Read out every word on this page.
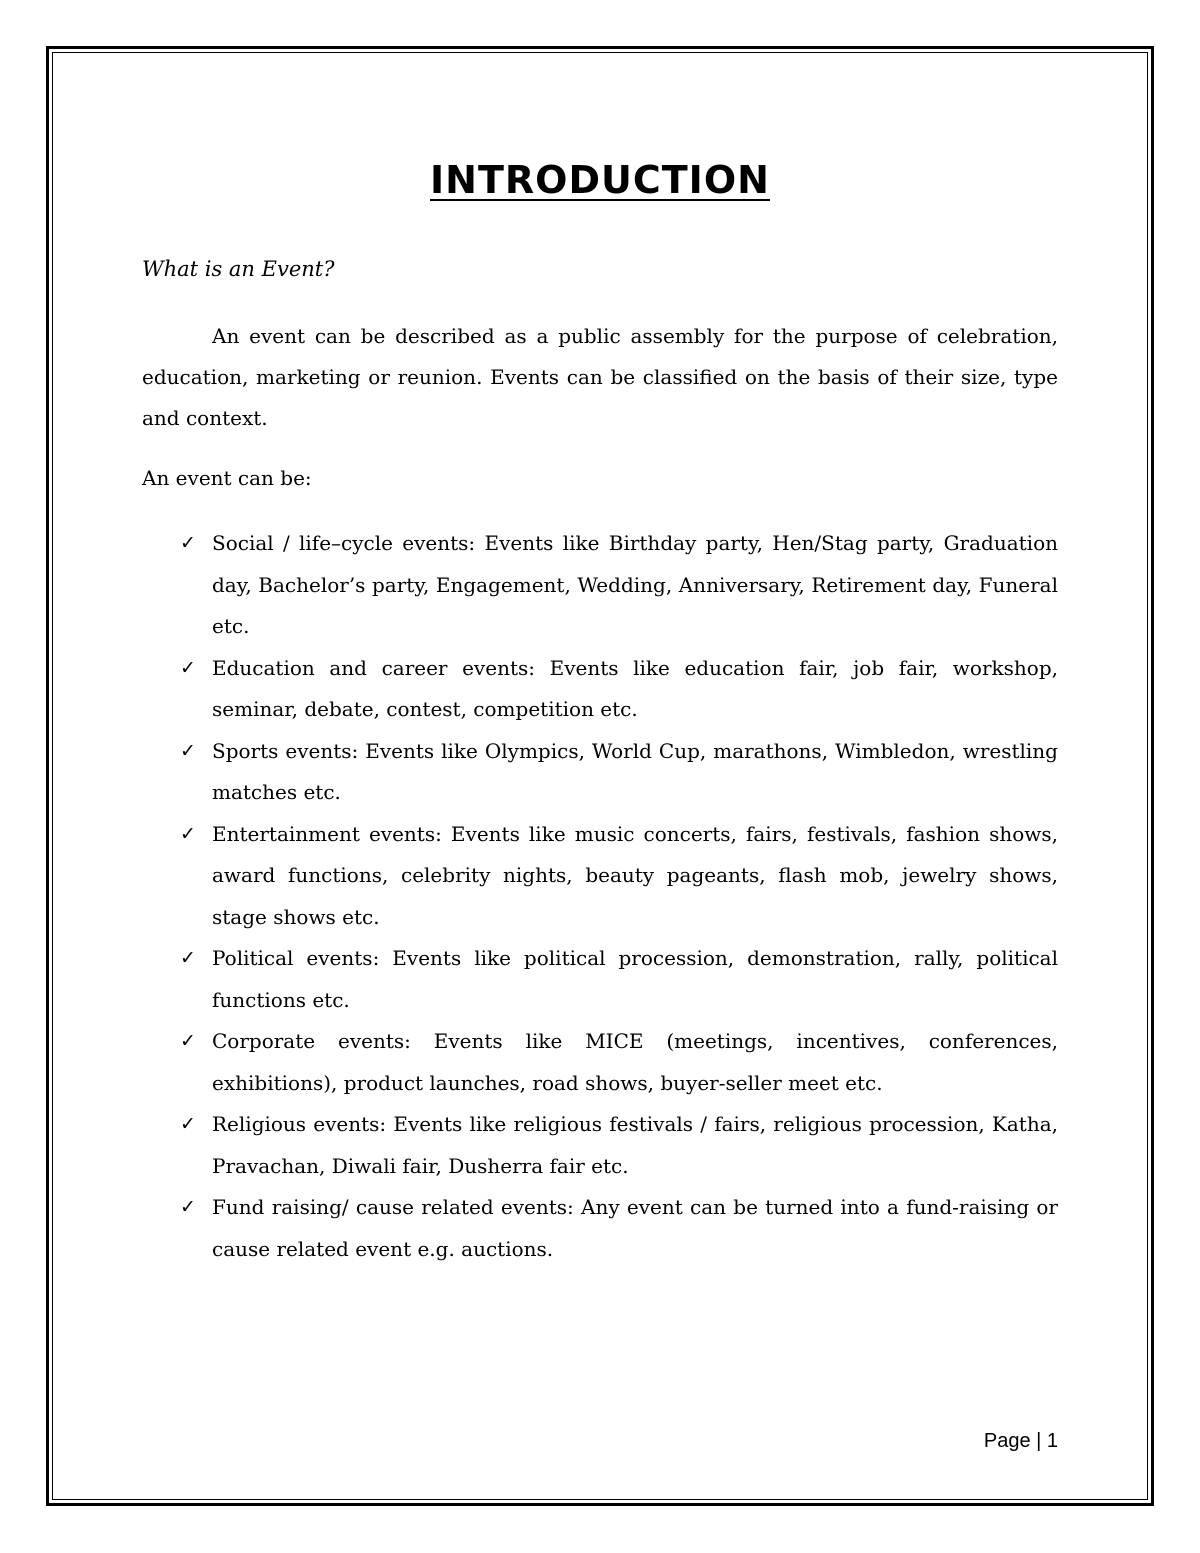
INTRODUCTION

What is an Event?

An event can be described as a public assembly for the purpose of celebration, education, marketing or reunion. Events can be classified on the basis of their size, type and context.

An event can be:

✓ Social / life–cycle events: Events like Birthday party, Hen/Stag party, Graduation day, Bachelor’s party, Engagement, Wedding, Anniversary, Retirement day, Funeral etc.
✓ Education and career events: Events like education fair, job fair, workshop, seminar, debate, contest, competition etc.
✓ Sports events: Events like Olympics, World Cup, marathons, Wimbledon, wrestling matches etc.
✓ Entertainment events: Events like music concerts, fairs, festivals, fashion shows, award functions, celebrity nights, beauty pageants, flash mob, jewelry shows, stage shows etc.
✓ Political events: Events like political procession, demonstration, rally, political functions etc.
✓ Corporate events: Events like MICE (meetings, incentives, conferences, exhibitions), product launches, road shows, buyer-seller meet etc.
✓ Religious events: Events like religious festivals / fairs, religious procession, Katha, Pravachan, Diwali fair, Dusherra fair etc.
✓ Fund raising/ cause related events: Any event can be turned into a fund-raising or cause related event e.g. auctions.
Page | 1
